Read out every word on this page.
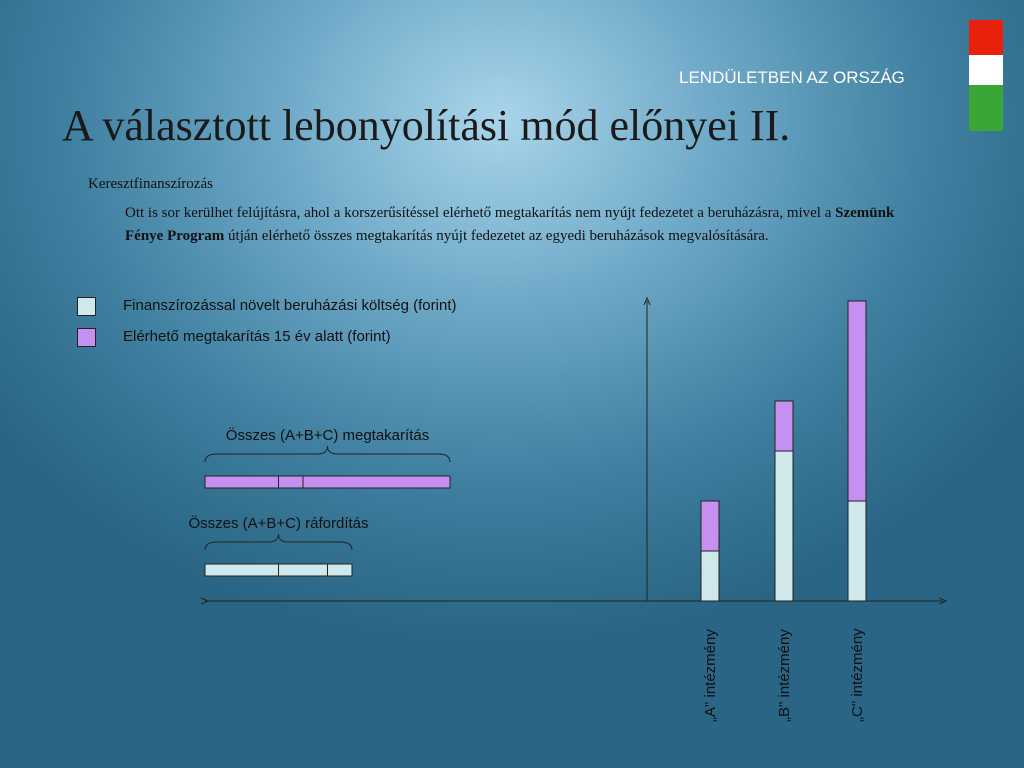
LENDÜLETBEN AZ ORSZÁG
A választott lebonyolítási mód előnyei II.
Keresztfinanszírozás
Ott is sor kerülhet felújításra, ahol a korszerűsítéssel elérhető megtakarítás nem nyújt fedezetet a beruházásra, mivel a Szemünk Fénye Program útján elérhető összes megtakarítás nyújt fedezetet az egyedi beruházások megvalósítására.
Finanszírozással növelt beruházási költség (forint)
Elérhető megtakarítás 15 év alatt (forint)
Összes (A+B+C) megtakarítás
Összes (A+B+C) ráfordítás
„A" intézmény	„B" intézmény	„C" intézmény
